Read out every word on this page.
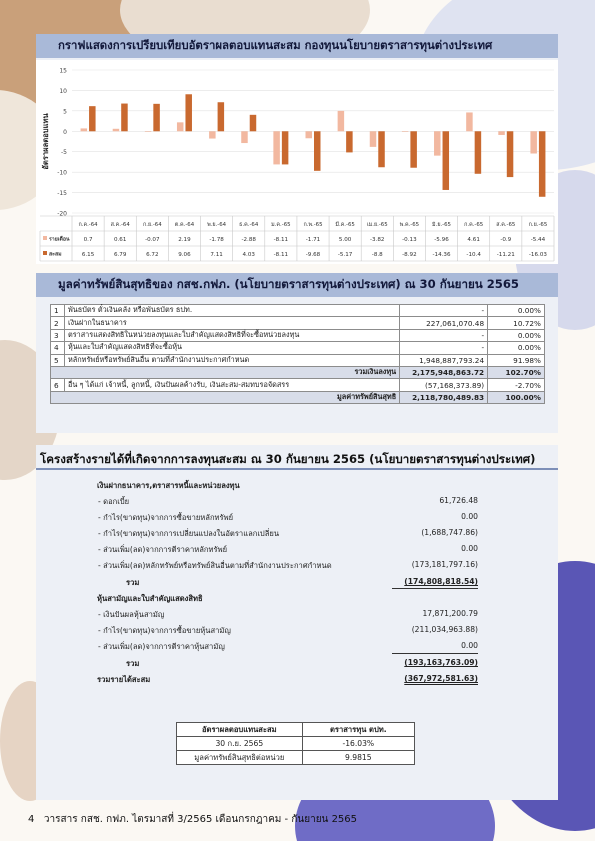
กราฟแสดงการเปรียบเทียบอัตราผลตอบแทนสะสม กองทุนนโยบายตราสารทุนต่างประเทศ
15
10
5
0
-5
-10
-15
-20
อัตราผลตอบแทน
ก.ค.-64 ส.ค.-64 ก.ย.-64 ต.ค.-64 พ.ย.-64 ธ.ค.-64 ม.ค.-65 ก.พ.-65 มี.ค.-65 เม.ย.-65 พ.ค.-65 มิ.ย.-65 ก.ค.-65 ส.ค.-65 ก.ย.-65
รายเดือน	0.7	0.61	-0.07	2.19	-1.78	-2.88	-8.11	-1.71	5.00	-3.82	-0.13	-5.96	4.61	-0.9	-5.44
สะสม	6.15	6.79	6.72	9.06	7.11	4.03	-8.11	-9.68	-5.17	-8.8	-8.92	-14.36	-10.4	-11.21	-16.03
มูลค่าทรัพย์สินสุทธิของ กสช.กฟภ. (นโยบายตราสารทุนต่างประเทศ) ณ 30 กันยายน 2565
1	พันธบัตร ตั๋วเงินคลัง หรือพันธบัตร ธปท.	-	0.00%
2	เงินฝากในธนาคาร	227,061,070.48	10.72%
3	ตราสารแสดงสิทธิในหน่วยลงทุนและใบสำคัญแสดงสิทธิที่จะซื้อหน่วยลงทุน	-	0.00%
4	หุ้นและใบสำคัญแสดงสิทธิที่จะซื้อหุ้น	-	0.00%
5	หลักทรัพย์หรือทรัพย์สินอื่น ตามที่สำนักงานประกาศกำหนด	1,948,887,793.24	91.98%
รวมเงินลงทุน		2,175,948,863.72	102.70%
6	อื่น ๆ ได้แก่ เจ้าหนี้, ลูกหนี้, เงินปันผลค้างรับ, เงินสะสม-สมทบรอจัดสรร	(57,168,373.89)	-2.70%
มูลค่าทรัพย์สินสุทธิ		2,118,780,489.83	100.00%
โครงสร้างรายได้ที่เกิดจากการลงทุนสะสม ณ 30 กันยายน 2565 (นโยบายตราสารทุนต่างประเทศ)
เงินฝากธนาคาร,ตราสารหนี้และหน่วยลงทุน
- ดอกเบี้ย	61,726.48
- กำไร(ขาดทุน)จากการซื้อขายหลักทรัพย์	0.00
- กำไร(ขาดทุน)จากการเปลี่ยนแปลงในอัตราแลกเปลี่ยน	(1,688,747.86)
- ส่วนเพิ่ม(ลด)จากการตีราคาหลักทรัพย์	0.00
- ส่วนเพิ่ม(ลด)หลักทรัพย์หรือทรัพย์สินอื่นตามที่สำนักงานประกาศกำหนด	(173,181,797.16)
รวม	(174,808,818.54)
หุ้นสามัญและใบสำคัญแสดงสิทธิ
- เงินปันผลหุ้นสามัญ	17,871,200.79
- กำไร(ขาดทุน)จากการซื้อขายหุ้นสามัญ	(211,034,963.88)
- ส่วนเพิ่ม(ลด)จากการตีราคาหุ้นสามัญ	0.00
รวม	(193,163,763.09)
รวมรายได้สะสม	(367,972,581.63)
อัตราผลตอบแทนสะสม	ตราสารทุน ตปท.
30 ก.ย. 2565	-16.03%
มูลค่าทรัพย์สินสุทธิต่อหน่วย	9.9815
4 วารสาร กสช. กฟภ. ไตรมาสที่ 3/2565 เดือนกรกฎาคม - กันยายน 2565
